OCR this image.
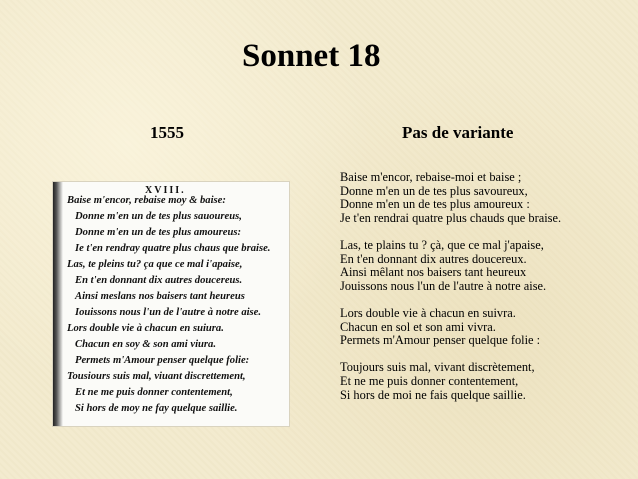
Sonnet 18
1555	Pas de variante
XVIII.
Baise m'encor, rebaise moy & baise:
Donne m'en un de tes plus sauoureus,
Donne m'en un de tes plus amoureus:
Ie t'en rendray quatre plus chaus que braise.
Las, te pleins tu? ça que ce mal i'apaise,
En t'en donnant dix autres doucereus.
Ainsi meslans nos baisers tant heureus
Iouissons nous l'un de l'autre à notre aise.
Lors double vie à chacun en suiura.
Chacun en soy & son ami viura.
Permets m'Amour penser quelque folie:
Tousiours suis mal, viuant discrettement,
Et ne me puis donner contentement,
Si hors de moy ne fay quelque saillie.
Baise m'encor, rebaise-moi et baise ;
Donne m'en un de tes plus savoureux,
Donne m'en un de tes plus amoureux :
Je t'en rendrai quatre plus chauds que braise.
Las, te plains tu ? çà, que ce mal j'apaise,
En t'en donnant dix autres doucereux.
Ainsi mêlant nos baisers tant heureux
Jouissons nous l'un de l'autre à notre aise.
Lors double vie à chacun en suivra.
Chacun en sol et son ami vivra.
Permets m'Amour penser quelque folie :
Toujours suis mal, vivant discrètement,
Et ne me puis donner contentement,
Si hors de moi ne fais quelque saillie.
